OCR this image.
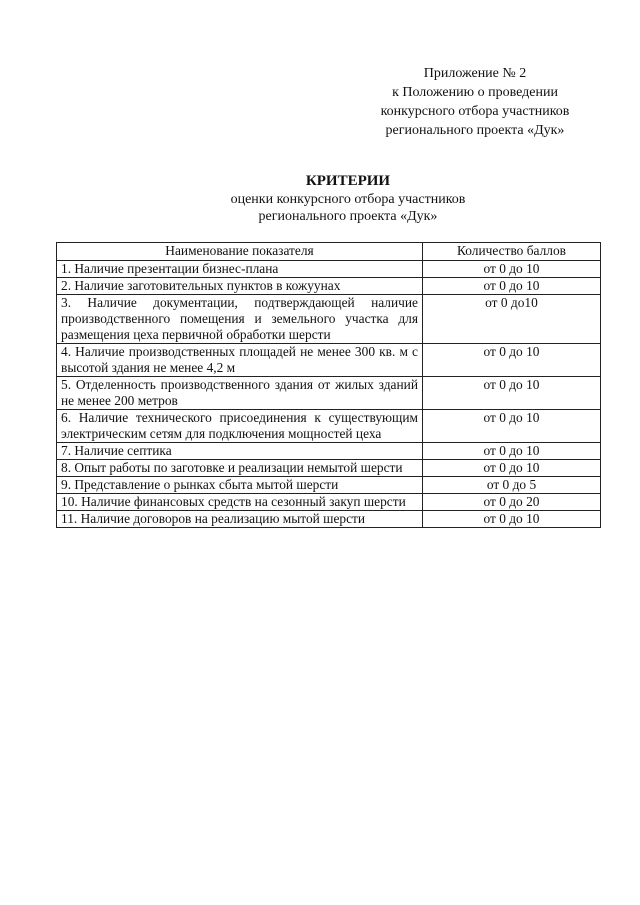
Приложение № 2
к Положению о проведении
конкурсного отбора участников
регионального проекта «Дук»
КРИТЕРИИ
оценки конкурсного отбора участников
регионального проекта «Дук»
Наименование показателя	Количество баллов
1. Наличие презентации бизнес-плана	от 0 до 10
2. Наличие заготовительных пунктов в кожуунах	от 0 до 10
3. Наличие документации, подтверждающей наличие производственного помещения и земельного участка для размещения цеха первичной обработки шерсти	от 0 до10
4. Наличие производственных площадей не менее 300 кв. м с высотой здания не менее 4,2 м	от 0 до 10
5. Отделенность производственного здания от жилых зданий не менее 200 метров	от 0 до 10
6. Наличие технического присоединения к существующим электрическим сетям для подключения мощностей цеха	от 0 до 10
7. Наличие септика	от 0 до 10
8. Опыт работы по заготовке и реализации немытой шерсти	от 0 до 10
9. Представление о рынках сбыта мытой шерсти	от 0 до 5
10. Наличие финансовых средств на сезонный закуп шерсти	от 0 до 20
11. Наличие договоров на реализацию мытой шерсти	от 0 до 10
